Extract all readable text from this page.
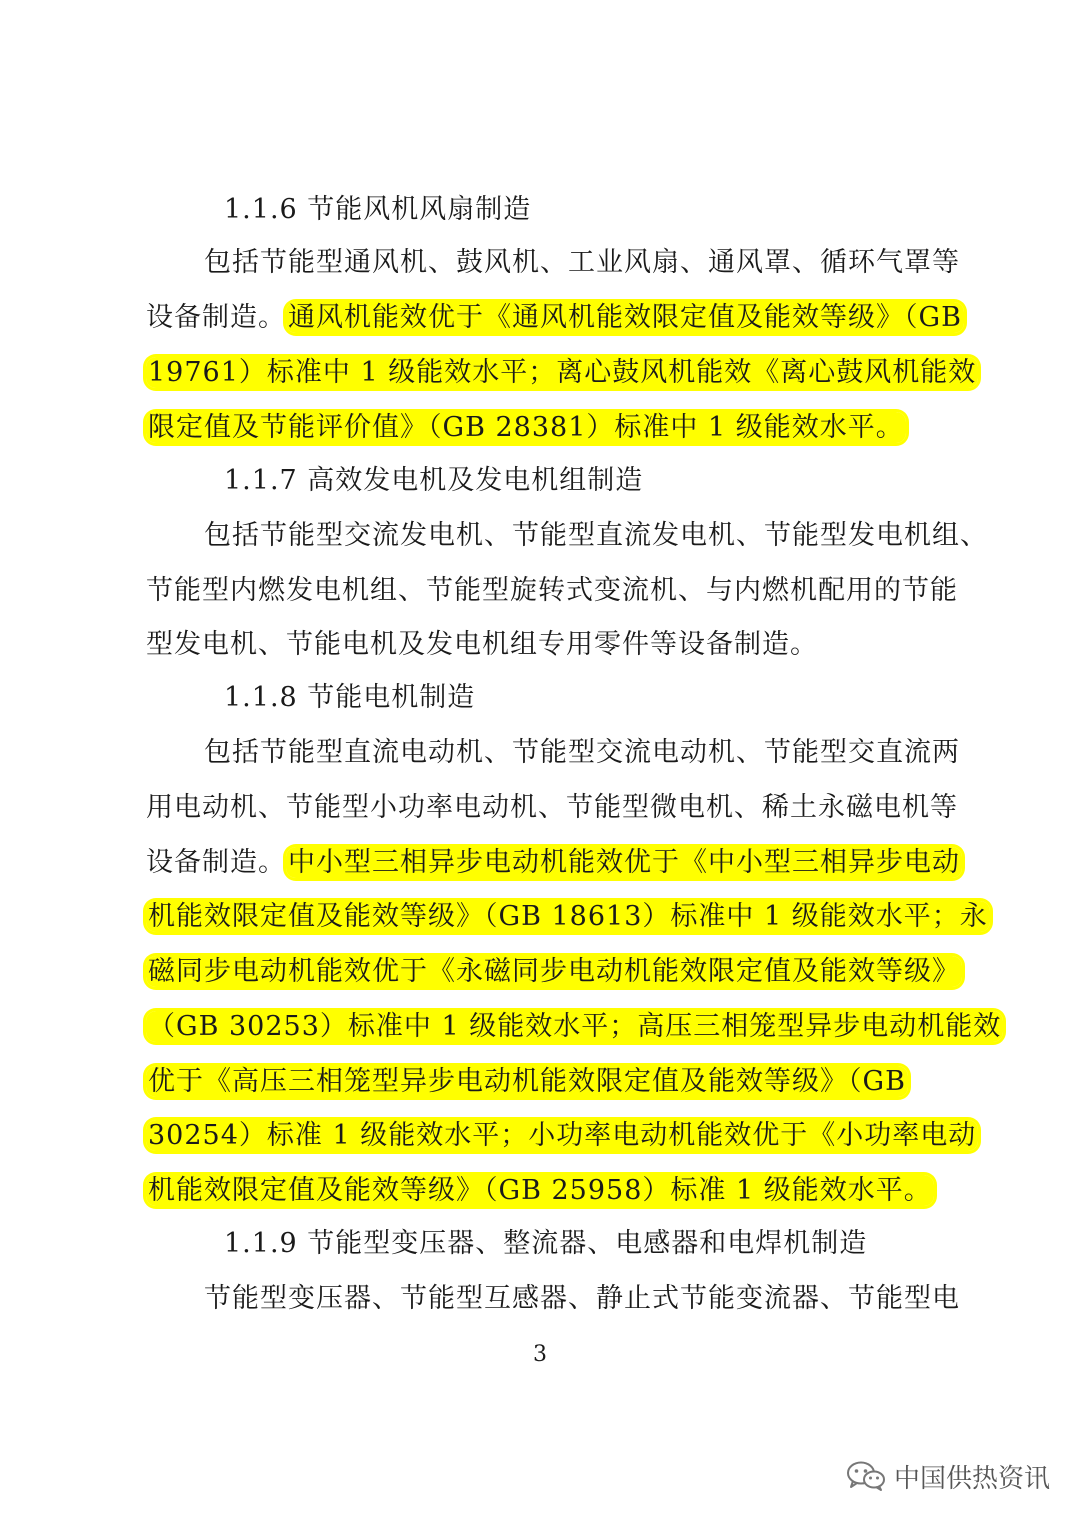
1.1.6 节能风机风扇制造
包括节能型通风机、鼓风机、工业风扇、通风罩、循环气罩等
设备制造。通风机能效优于《通风机能效限定值及能效等级》（GB
19761）标准中 1 级能效水平；离心鼓风机能效《离心鼓风机能效
限定值及节能评价值》（GB 28381）标准中 1 级能效水平。
1.1.7 高效发电机及发电机组制造
包括节能型交流发电机、节能型直流发电机、节能型发电机组、
节能型内燃发电机组、节能型旋转式变流机、与内燃机配用的节能
型发电机、节能电机及发电机组专用零件等设备制造。
1.1.8 节能电机制造
包括节能型直流电动机、节能型交流电动机、节能型交直流两
用电动机、节能型小功率电动机、节能型微电机、稀土永磁电机等
设备制造。中小型三相异步电动机能效优于《中小型三相异步电动
机能效限定值及能效等级》（GB 18613）标准中 1 级能效水平；永
磁同步电动机能效优于《永磁同步电动机能效限定值及能效等级》
（GB 30253）标准中 1 级能效水平；高压三相笼型异步电动机能效
优于《高压三相笼型异步电动机能效限定值及能效等级》（GB
30254）标准 1 级能效水平；小功率电动机能效优于《小功率电动
机能效限定值及能效等级》（GB 25958）标准 1 级能效水平。
1.1.9 节能型变压器、整流器、电感器和电焊机制造
节能型变压器、节能型互感器、静止式节能变流器、节能型电
3
中国供热资讯
